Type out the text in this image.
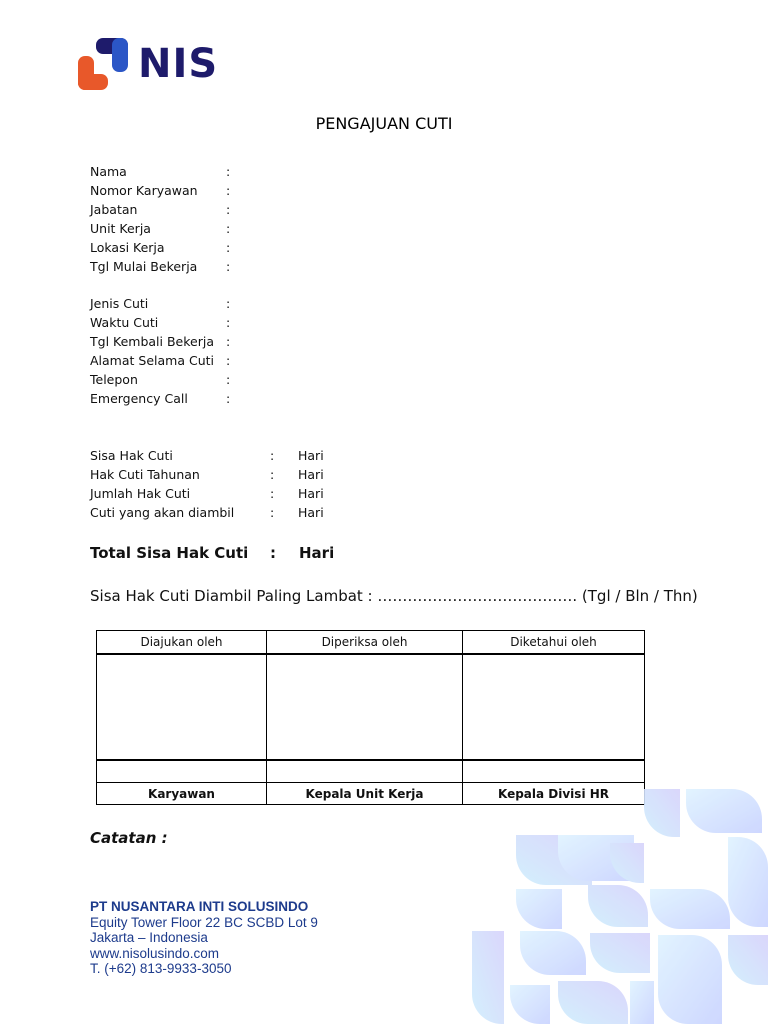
NIS
PENGAJUAN CUTI
Nama	:
Nomor Karyawan :
Jabatan	:
Unit Kerja	:
Lokasi Kerja	:
Tgl Mulai Bekerja :
Jenis Cuti	:
Waktu Cuti	:
Tgl Kembali Bekerja :
Alamat Selama Cuti :
Telepon	:
Emergency Call	:
Sisa Hak Cuti	: Hari
Hak Cuti Tahunan	: Hari
Jumlah Hak Cuti	: Hari
Cuti yang akan diambil	: Hari
Total Sisa Hak Cuti : Hari
Sisa Hak Cuti Diambil Paling Lambat : …………………………………. (Tgl / Bln / Thn)
Diajukan oleh	Diperiksa oleh	Diketahui oleh

Karyawan	Kepala Unit Kerja	Kepala Divisi HR
Catatan :
PT NUSANTARA INTI SOLUSINDO
Equity Tower Floor 22 BC SCBD Lot 9
Jakarta – Indonesia
www.nisolusindo.com
T. (+62) 813-9933-3050
